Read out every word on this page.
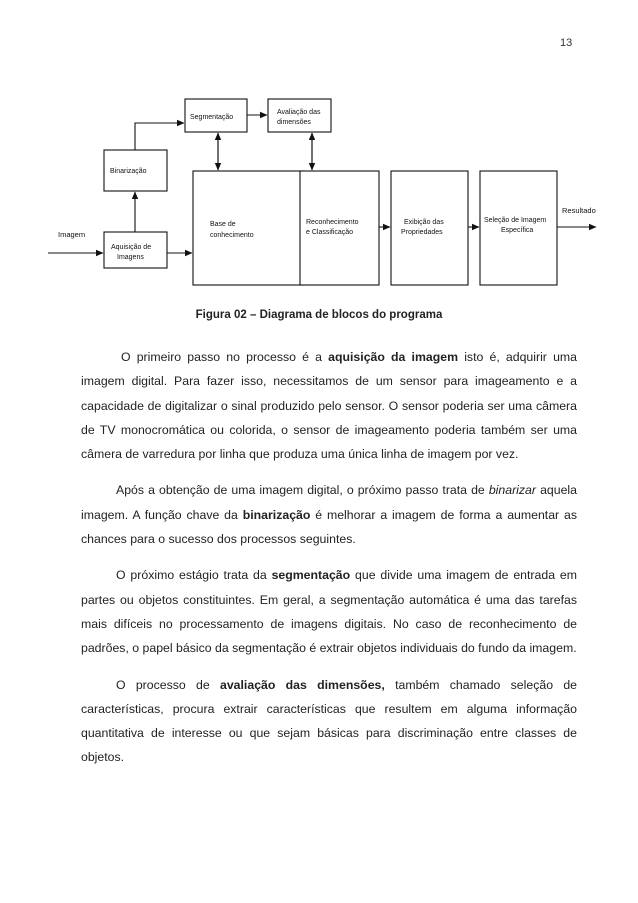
13
Imagem
Resultado
Segmentação
Avaliação das
dimensões
Binarização
Aquisição de
Imagens
Base de
conhecimento
Reconhecimento
e Classificação
Exibição das
Propriedades
Seleção de Imagem
Específica
Figura 02 – Diagrama de blocos do programa

O primeiro passo no processo é a aquisição da imagem isto é, adquirir uma imagem digital. Para fazer isso, necessitamos de um sensor para imageamento e a capacidade de digitalizar o sinal produzido pelo sensor. O sensor poderia ser uma câmera de TV monocromática ou colorida, o sensor de imageamento poderia também ser uma câmera de varredura por linha que produza uma única linha de imagem por vez.

Após a obtenção de uma imagem digital, o próximo passo trata de binarizar aquela imagem. A função chave da binarização é melhorar a imagem de forma a aumentar as chances para o sucesso dos processos seguintes.

O próximo estágio trata da segmentação que divide uma imagem de entrada em partes ou objetos constituintes. Em geral, a segmentação automática é uma das tarefas mais difíceis no processamento de imagens digitais. No caso de reconhecimento de padrões, o papel básico da segmentação é extrair objetos individuais do fundo da imagem.

O processo de avaliação das dimensões, também chamado seleção de características, procura extrair características que resultem em alguma informação quantitativa de interesse ou que sejam básicas para discriminação entre classes de objetos.
